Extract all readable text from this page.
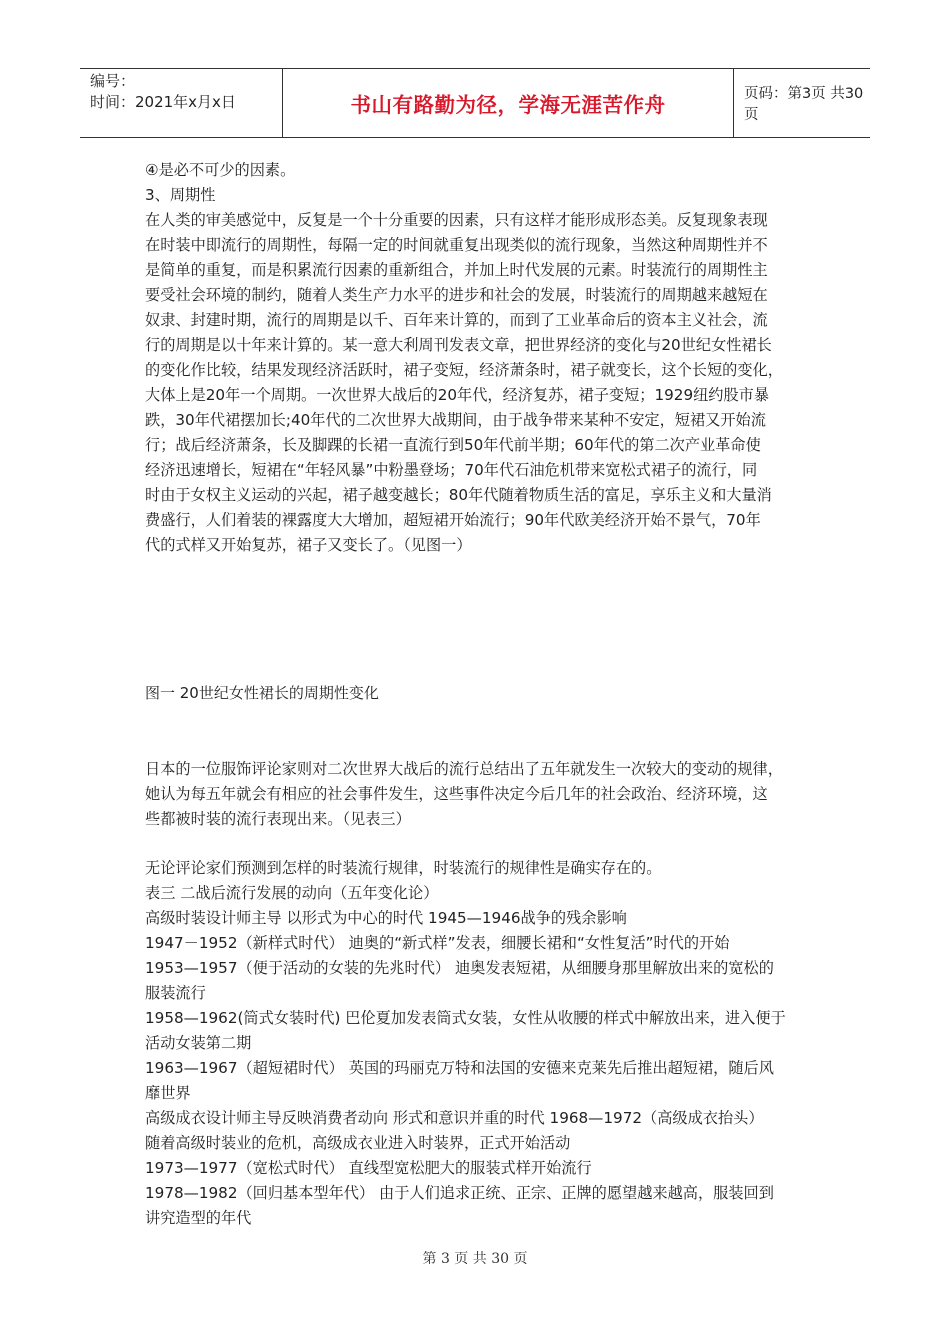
编号：
时间：2021年x月x日	书山有路勤为径，学海无涯苦作舟	页码：第3页 共30页
④是必不可少的因素。
3、周期性
在人类的审美感觉中，反复是一个十分重要的因素，只有这样才能形成形态美。反复现象表现
在时装中即流行的周期性，每隔一定的时间就重复出现类似的流行现象，当然这种周期性并不
是简单的重复，而是积累流行因素的重新组合，并加上时代发展的元素。时装流行的周期性主
要受社会环境的制约，随着人类生产力水平的进步和社会的发展，时装流行的周期越来越短在
奴隶、封建时期，流行的周期是以千、百年来计算的，而到了工业革命后的资本主义社会，流
行的周期是以十年来计算的。某一意大利周刊发表文章，把世界经济的变化与20世纪女性裙长
的变化作比较，结果发现经济活跃时，裙子变短，经济萧条时，裙子就变长，这个长短的变化，
大体上是20年一个周期。一次世界大战后的20年代，经济复苏，裙子变短；1929纽约股市暴
跌，30年代裙摆加长;40年代的二次世界大战期间，由于战争带来某种不安定，短裙又开始流
行；战后经济萧条，长及脚踝的长裙一直流行到50年代前半期；60年代的第二次产业革命使
经济迅速增长，短裙在“年轻风暴”中粉墨登场；70年代石油危机带来宽松式裙子的流行，同
时由于女权主义运动的兴起，裙子越变越长；80年代随着物质生活的富足，享乐主义和大量消
费盛行，人们着装的裸露度大大增加，超短裙开始流行；90年代欧美经济开始不景气，70年
代的式样又开始复苏，裙子又变长了。（见图一）
图一 20世纪女性裙长的周期性变化
日本的一位服饰评论家则对二次世界大战后的流行总结出了五年就发生一次较大的变动的规律，
她认为每五年就会有相应的社会事件发生，这些事件决定今后几年的社会政治、经济环境，这
些都被时装的流行表现出来。（见表三）
无论评论家们预测到怎样的时装流行规律，时装流行的规律性是确实存在的。
表三 二战后流行发展的动向（五年变化论）
高级时装设计师主导 以形式为中心的时代 1945—1946战争的残余影响
1947－1952（新样式时代） 迪奥的“新式样”发表，细腰长裙和“女性复活”时代的开始
1953—1957（便于活动的女装的先兆时代） 迪奥发表短裙，从细腰身那里解放出来的宽松的
服装流行
1958—1962(筒式女装时代) 巴伦夏加发表筒式女装，女性从收腰的样式中解放出来，进入便于
活动女装第二期
1963—1967（超短裙时代） 英国的玛丽克万特和法国的安德来克莱先后推出超短裙，随后风
靡世界
高级成衣设计师主导反映消费者动向 形式和意识并重的时代 1968—1972（高级成衣抬头）
随着高级时装业的危机，高级成衣业进入时装界，正式开始活动
1973—1977（宽松式时代） 直线型宽松肥大的服装式样开始流行
1978—1982（回归基本型年代） 由于人们追求正统、正宗、正牌的愿望越来越高，服装回到
讲究造型的年代
第 3 页 共 30 页
